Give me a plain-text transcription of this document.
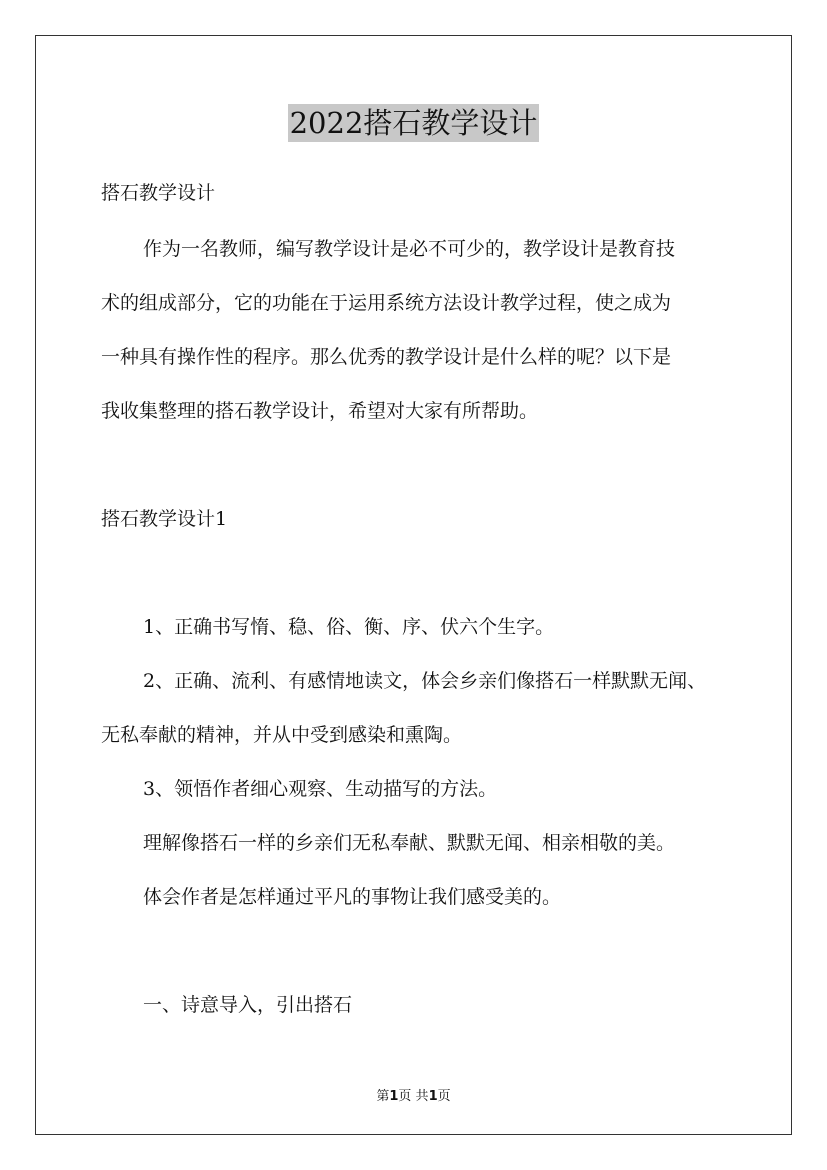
2022搭石教学设计
搭石教学设计
作为一名教师，编写教学设计是必不可少的，教学设计是教育技
术的组成部分，它的功能在于运用系统方法设计教学过程，使之成为
一种具有操作性的程序。那么优秀的教学设计是什么样的呢？以下是
我收集整理的搭石教学设计，希望对大家有所帮助。
搭石教学设计1
1、正确书写惰、稳、俗、衡、序、伏六个生字。
2、正确、流利、有感情地读文，体会乡亲们像搭石一样默默无闻、
无私奉献的精神，并从中受到感染和熏陶。
3、领悟作者细心观察、生动描写的方法。
理解像搭石一样的乡亲们无私奉献、默默无闻、相亲相敬的美。
体会作者是怎样通过平凡的事物让我们感受美的。
一、诗意导入，引出搭石
第1页 共1页
